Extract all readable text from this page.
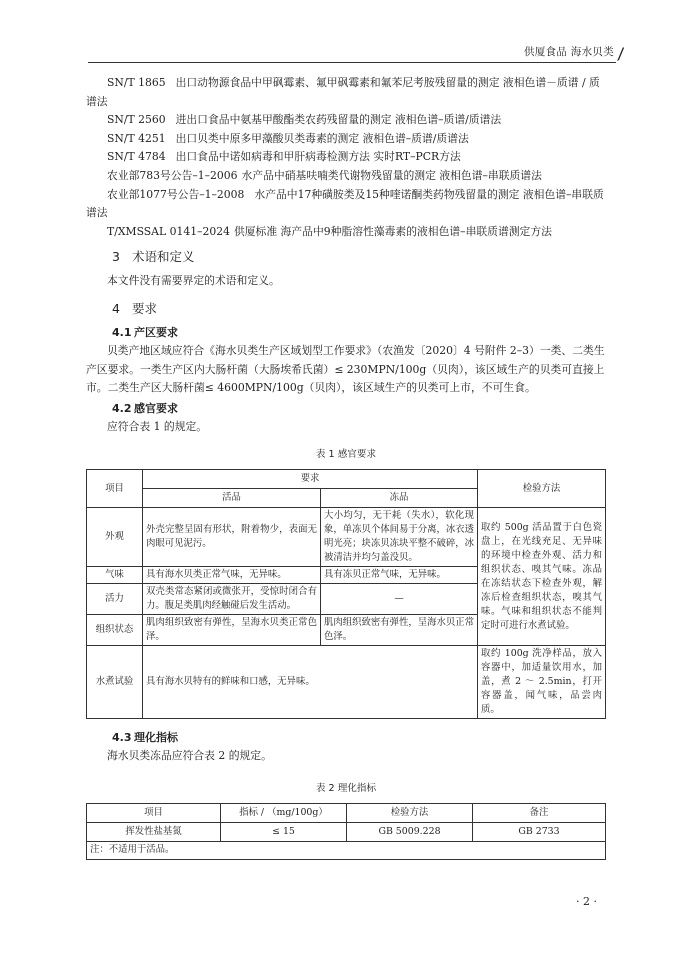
供厦食品 海水贝类

SN/T 1865 出口动物源食品中甲砜霉素、氟甲砜霉素和氟苯尼考胺残留量的测定 液相色谱－质谱 / 质谱法

SN/T 2560 进出口食品中氨基甲酸酯类农药残留量的测定 液相色谱–质谱/质谱法

SN/T 4251 出口贝类中原多甲藻酸贝类毒素的测定 液相色谱–质谱/质谱法

SN/T 4784 出口食品中诺如病毒和甲肝病毒检测方法 实时RT–PCR方法

农业部783号公告–1–2006 水产品中硝基呋喃类代谢物残留量的测定 液相色谱–串联质谱法

农业部1077号公告–1–2008 水产品中17种磺胺类及15种喹诺酮类药物残留量的测定 液相色谱–串联质谱法

T/XMSSAL 0141–2024 供厦标准 海产品中9种脂溶性藻毒素的液相色谱–串联质谱测定方法

3 术语和定义

本文件没有需要界定的术语和定义。

4 要求
4.1 产区要求

贝类产地区域应符合《海水贝类生产区域划型工作要求》（农渔发〔2020〕4 号附件 2–3）一类、二类生产区要求。一类生产区内大肠杆菌（大肠埃希氏菌）≤ 230MPN/100g（贝肉），该区域生产的贝类可直接上市。二类生产区大肠杆菌≤ 4600MPN/100g（贝肉），该区域生产的贝类可上市，不可生食。

4.2 感官要求

应符合表 1 的规定。

表 1 感官要求
项目	要求		检验方法
	活品	冻品	
外观	外壳完整呈固有形状，附着物少，表面无肉眼可见泥污。	大小均匀，无干耗（失水），软化现象，单冻贝个体间易于分离，冰衣透明光亮；块冻贝冻块平整不破碎，冰被清洁并均匀盖没贝。	取约 500g 活品置于白色瓷盘上，在光线充足、无异味的环境中检查外观、活力和组织状态、嗅其气味。冻品在冻结状态下检查外观，解冻后检查组织状态，嗅其气味。气味和组织状态不能判定时可进行水煮试验。
气味	具有海水贝类正常气味，无异味。	具有冻贝正常气味，无异味。	
活力	双壳类常态紧闭或微张开，受惊时闭合有力。腹足类肌肉经触碰后发生活动。	—	
组织状态	肌肉组织致密有弹性，呈海水贝类正常色泽。	肌肉组织致密有弹性，呈海水贝正常色泽。	
水煮试验	具有海水贝特有的鲜味和口感，无异味。		取约 100g 洗净样品，放入容器中，加适量饮用水，加盖，煮 2 ～ 2.5min，打开容器盖，闻气味，品尝肉质。
4.3 理化指标

海水贝类冻品应符合表 2 的规定。

表 2 理化指标
项目	指标 / （mg/100g）	检验方法	备注
挥发性盐基氮	≤ 15	GB 5009.228	GB 2733
注：不适用于活品。			
· 2 ·
